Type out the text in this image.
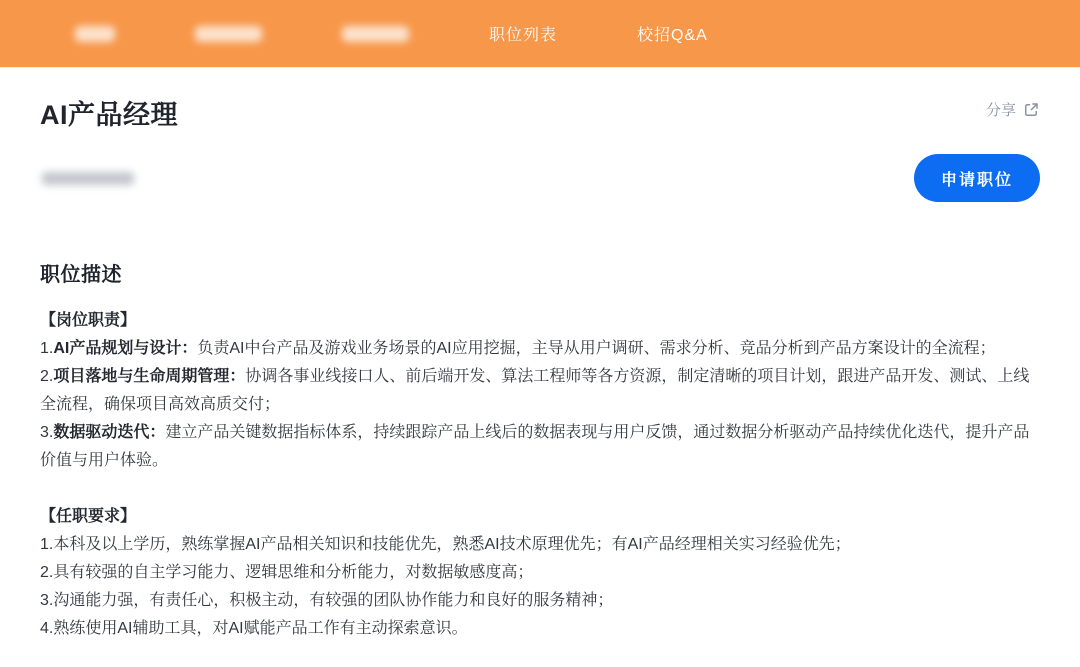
职位列表	校招Q&A
AI产品经理	分享
申请职位
职位描述

【岗位职责】

1.AI产品规划与设计：负责AI中台产品及游戏业务场景的AI应用挖掘，主导从用户调研、需求分析、竞品分析到产品方案设计的全流程；

2.项目落地与生命周期管理：协调各事业线接口人、前后端开发、算法工程师等各方资源，制定清晰的项目计划，跟进产品开发、测试、上线全流程，确保项目高效高质交付；

3.数据驱动迭代：建立产品关键数据指标体系，持续跟踪产品上线后的数据表现与用户反馈，通过数据分析驱动产品持续优化迭代，提升产品价值与用户体验。

【任职要求】

1.本科及以上学历，熟练掌握AI产品相关知识和技能优先，熟悉AI技术原理优先；有AI产品经理相关实习经验优先；

2.具有较强的自主学习能力、逻辑思维和分析能力，对数据敏感度高；

3.沟通能力强，有责任心，积极主动，有较强的团队协作能力和良好的服务精神；

4.熟练使用AI辅助工具，对AI赋能产品工作有主动探索意识。
